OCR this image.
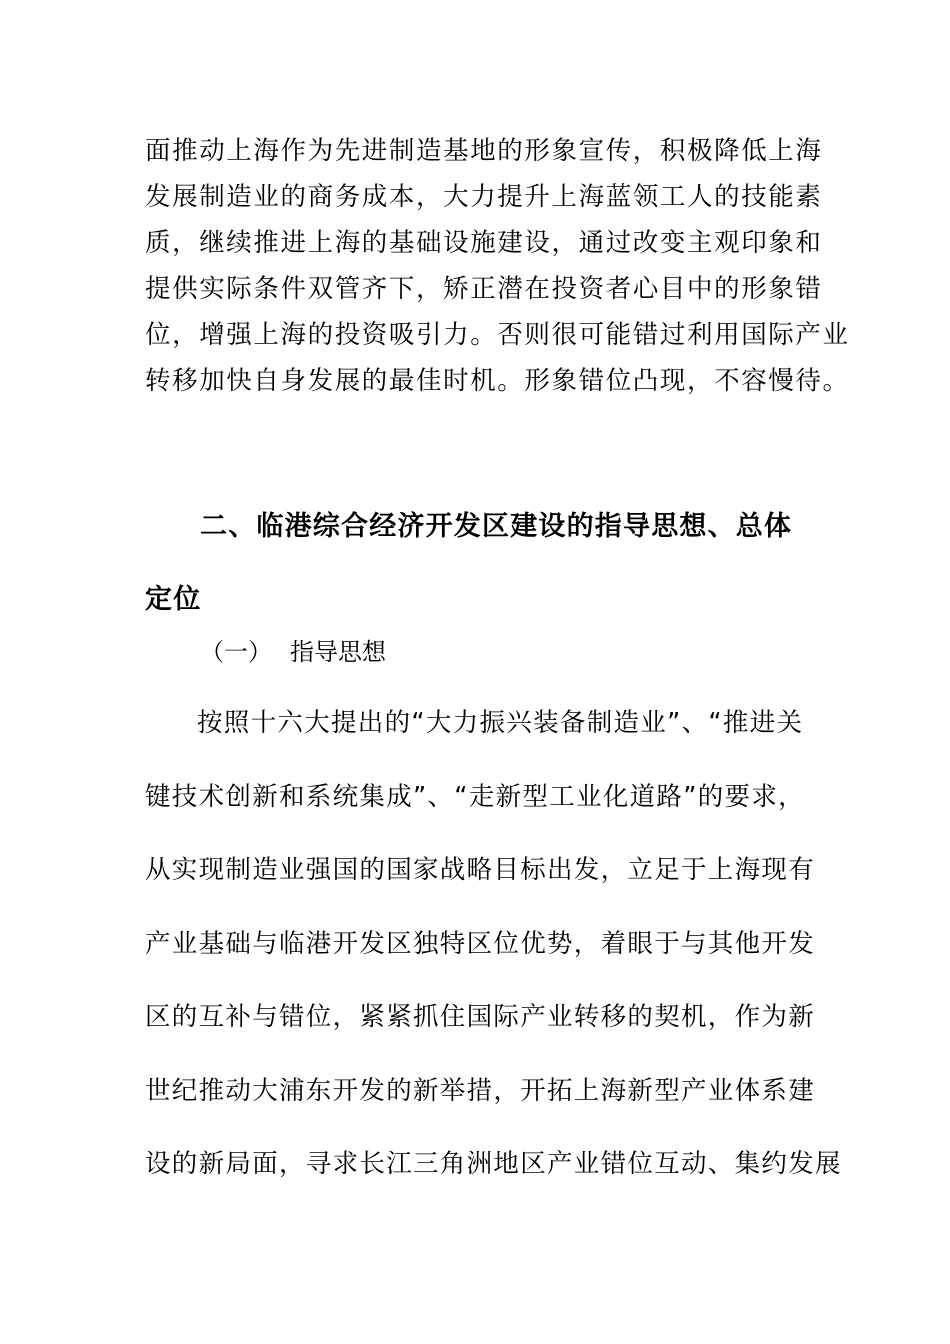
面推动上海作为先进制造基地的形象宣传，积极降低上海
发展制造业的商务成本，大力提升上海蓝领工人的技能素
质，继续推进上海的基础设施建设，通过改变主观印象和
提供实际条件双管齐下，矫正潜在投资者心目中的形象错
位，增强上海的投资吸引力。否则很可能错过利用国际产业
转移加快自身发展的最佳时机。形象错位凸现，不容慢待。
二、临港综合经济开发区建设的指导思想、总体
定位
（一） 指导思想
按照十六大提出的“大力振兴装备制造业”、“推进关
键技术创新和系统集成”、“走新型工业化道路”的要求，
从实现制造业强国的国家战略目标出发，立足于上海现有
产业基础与临港开发区独特区位优势，着眼于与其他开发
区的互补与错位，紧紧抓住国际产业转移的契机，作为新
世纪推动大浦东开发的新举措，开拓上海新型产业体系建
设的新局面，寻求长江三角洲地区产业错位互动、集约发展
